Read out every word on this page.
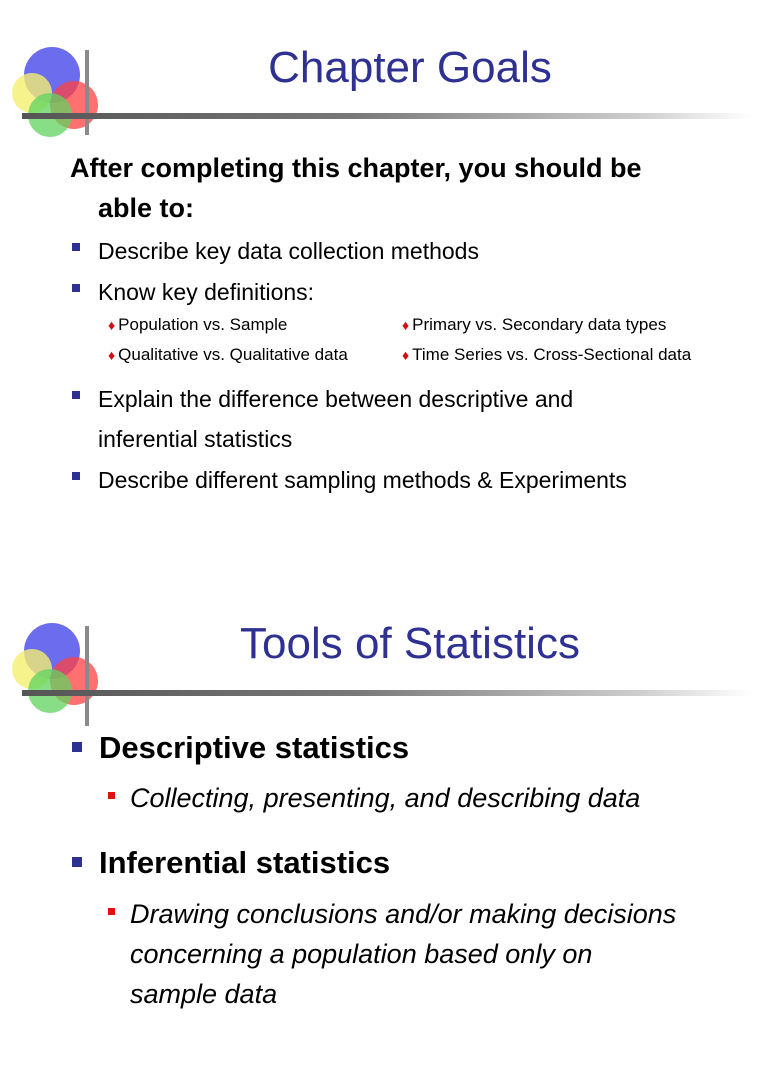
Chapter Goals
After completing this chapter, you should be
able to:
Describe key data collection methods
Know key definitions:
♦ Population vs. Sample	♦ Primary vs. Secondary data types
♦ Qualitative vs. Qualitative data	♦ Time Series vs. Cross-Sectional data
Explain the difference between descriptive and
inferential statistics
Describe different sampling methods & Experiments
Tools of Statistics
Descriptive statistics
Collecting, presenting, and describing data
Inferential statistics
Drawing conclusions and/or making decisions
concerning a population based only on
sample data
